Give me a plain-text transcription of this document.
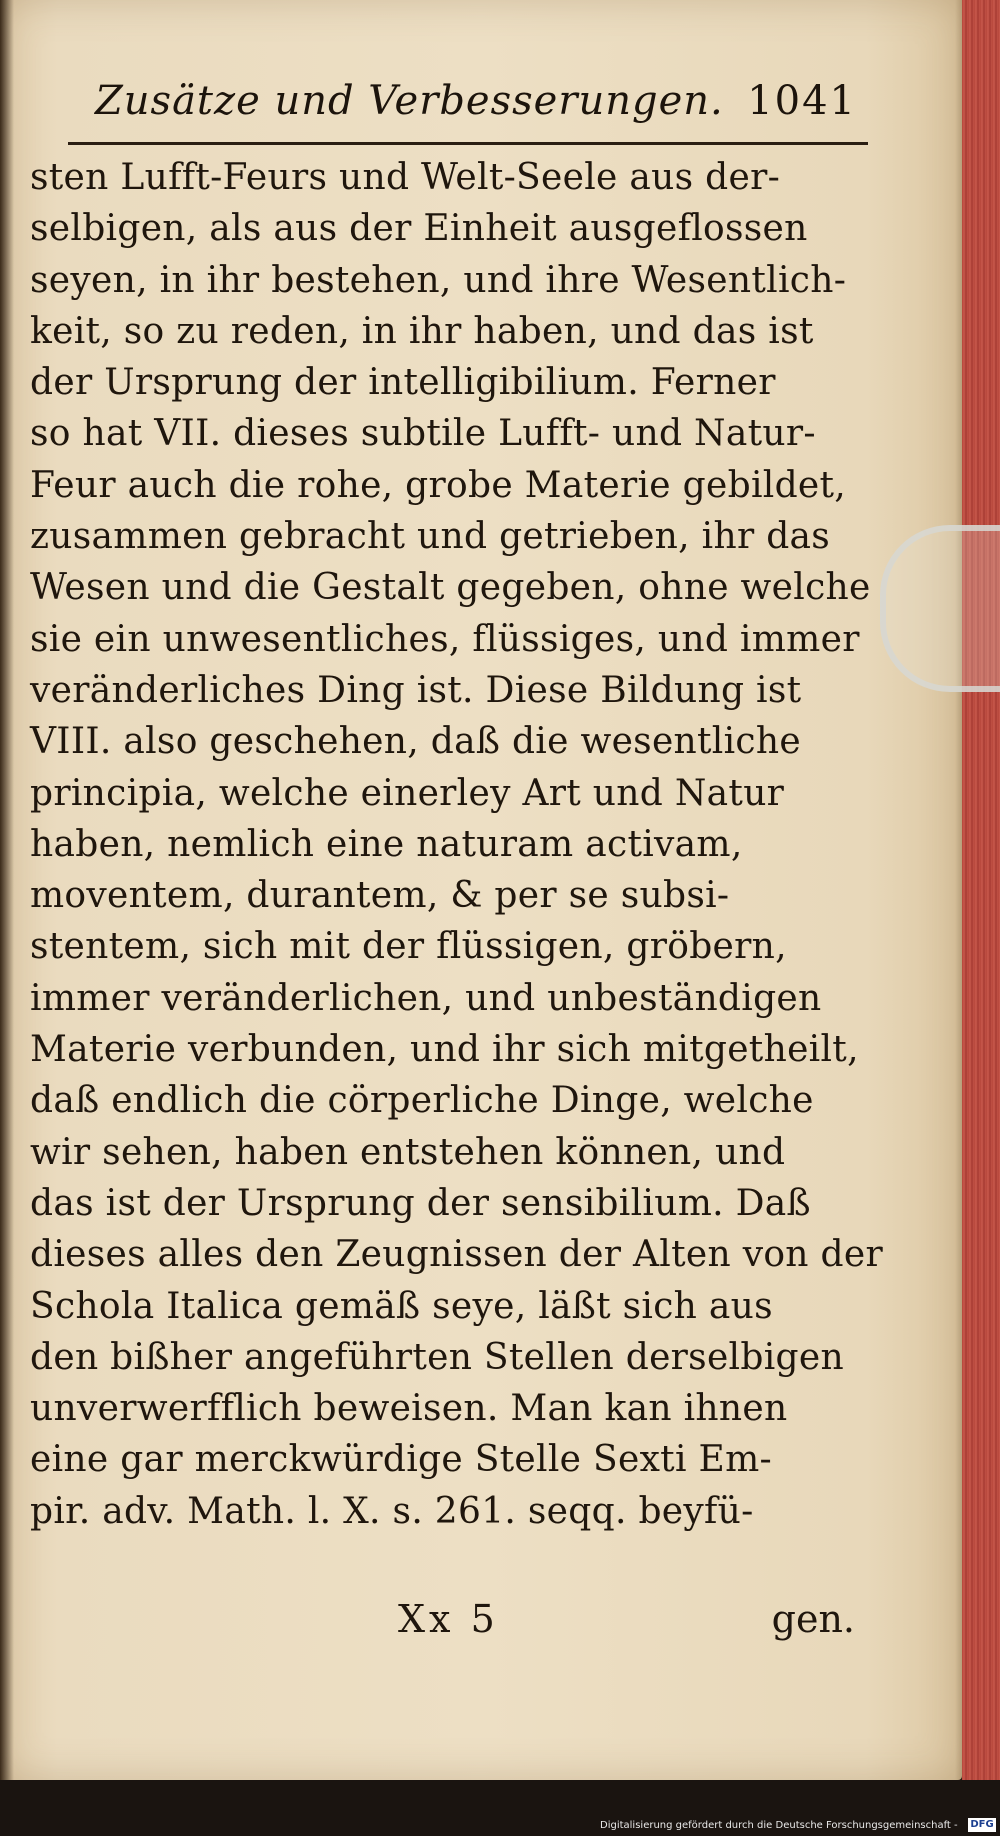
Zusätze und Verbesserungen. 1041
sten Lufft-Feurs und Welt-Seele aus der-
selbigen, als aus der Einheit ausgeflossen
seyen, in ihr bestehen, und ihre Wesentlich-
keit, so zu reden, in ihr haben, und das ist
der Ursprung der intelligibilium. Ferner
so hat VII. dieses subtile Lufft- und Natur-
Feur auch die rohe, grobe Materie gebildet,
zusammen gebracht und getrieben, ihr das
Wesen und die Gestalt gegeben, ohne welche
sie ein unwesentliches, flüssiges, und immer
veränderliches Ding ist. Diese Bildung ist
VIII. also geschehen, daß die wesentliche
principia, welche einerley Art und Natur
haben, nemlich eine naturam activam,
moventem, durantem, & per se subsi-
stentem, sich mit der flüssigen, gröbern,
immer veränderlichen, und unbeständigen
Materie verbunden, und ihr sich mitgetheilt,
daß endlich die cörperliche Dinge, welche
wir sehen, haben entstehen können, und
das ist der Ursprung der sensibilium. Daß
dieses alles den Zeugnissen der Alten von der
Schola Italica gemäß seye, läßt sich aus
den bißher angeführten Stellen derselbigen
unverwerfflich beweisen. Man kan ihnen
eine gar merckwürdige Stelle Sexti Em-
pir. adv. Math. l. X. s. 261. seqq. beyfü-
Xx 5	gen.
Digitalisierung gefördert durch die Deutsche Forschungsgemeinschaft - DFG
